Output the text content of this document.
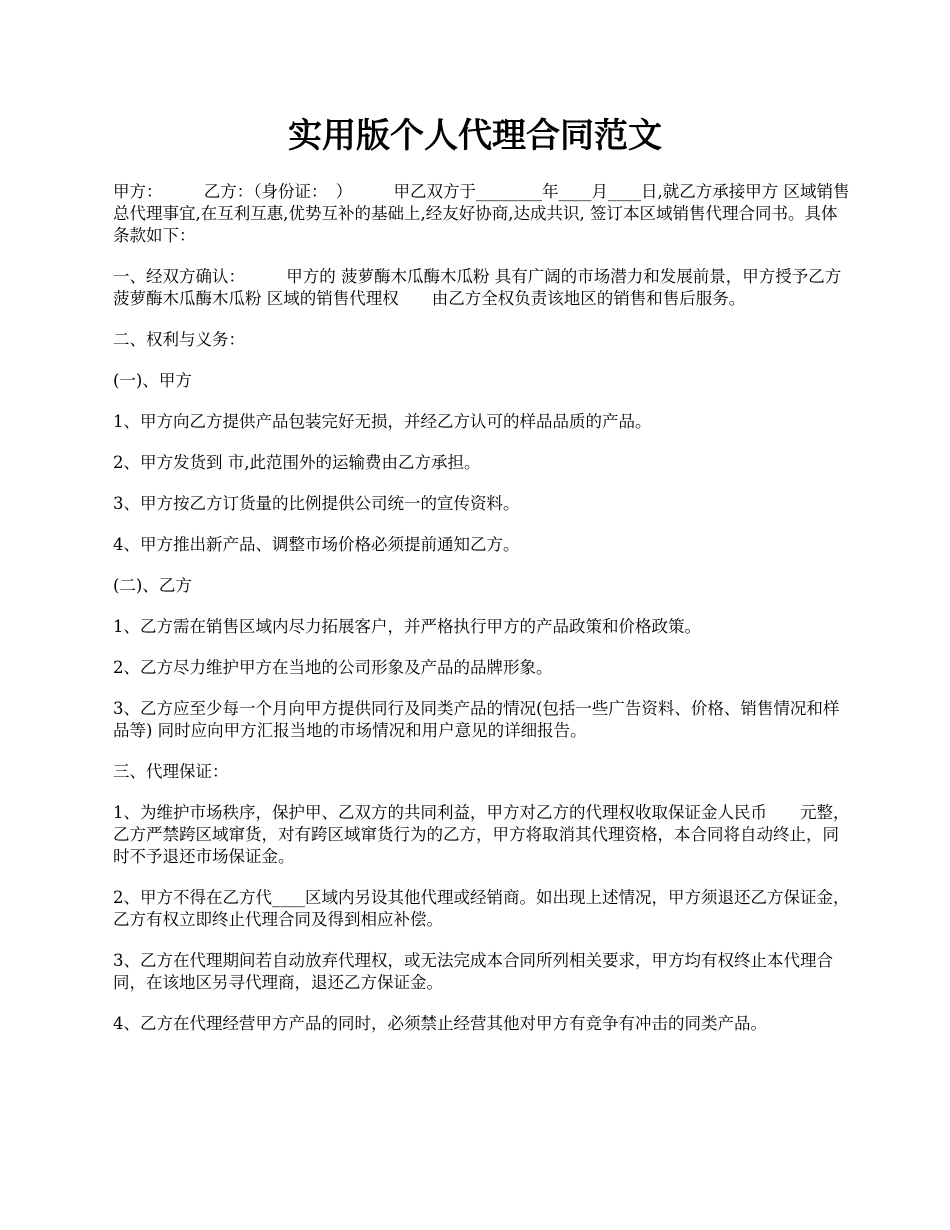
实用版个人代理合同范文

甲方：　　　乙方：（身份证：　）　　　甲乙双方于________年____月____日,就乙方承接甲方 区域销售总代理事宜,在互利互惠,优势互补的基础上,经友好协商,达成共识, 签订本区域销售代理合同书。具体条款如下：

一、经双方确认：　　　甲方的 菠萝酶木瓜酶木瓜粉 具有广阔的市场潜力和发展前景，甲方授予乙方 菠萝酶木瓜酶木瓜粉 区域的销售代理权　　由乙方全权负责该地区的销售和售后服务。

二、权利与义务：

(一)、甲方

1、甲方向乙方提供产品包装完好无损，并经乙方认可的样品品质的产品。

2、甲方发货到 市,此范围外的运输费由乙方承担。

3、甲方按乙方订货量的比例提供公司统一的宣传资料。

4、甲方推出新产品、调整市场价格必须提前通知乙方。

(二)、乙方

1、乙方需在销售区域内尽力拓展客户，并严格执行甲方的产品政策和价格政策。

2、乙方尽力维护甲方在当地的公司形象及产品的品牌形象。

3、乙方应至少每一个月向甲方提供同行及同类产品的情况(包括一些广告资料、价格、销售情况和样品等) 同时应向甲方汇报当地的市场情况和用户意见的详细报告。

三、代理保证：

1、为维护市场秩序，保护甲、乙双方的共同利益，甲方对乙方的代理权收取保证金人民币　　元整，乙方严禁跨区域窜货，对有跨区域窜货行为的乙方，甲方将取消其代理资格，本合同将自动终止，同时不予退还市场保证金。

2、甲方不得在乙方代____区域内另设其他代理或经销商。如出现上述情况，甲方须退还乙方保证金，乙方有权立即终止代理合同及得到相应补偿。

3、乙方在代理期间若自动放弃代理权，或无法完成本合同所列相关要求，甲方均有权终止本代理合同，在该地区另寻代理商，退还乙方保证金。

4、乙方在代理经营甲方产品的同时，必须禁止经营其他对甲方有竞争有冲击的同类产品。
